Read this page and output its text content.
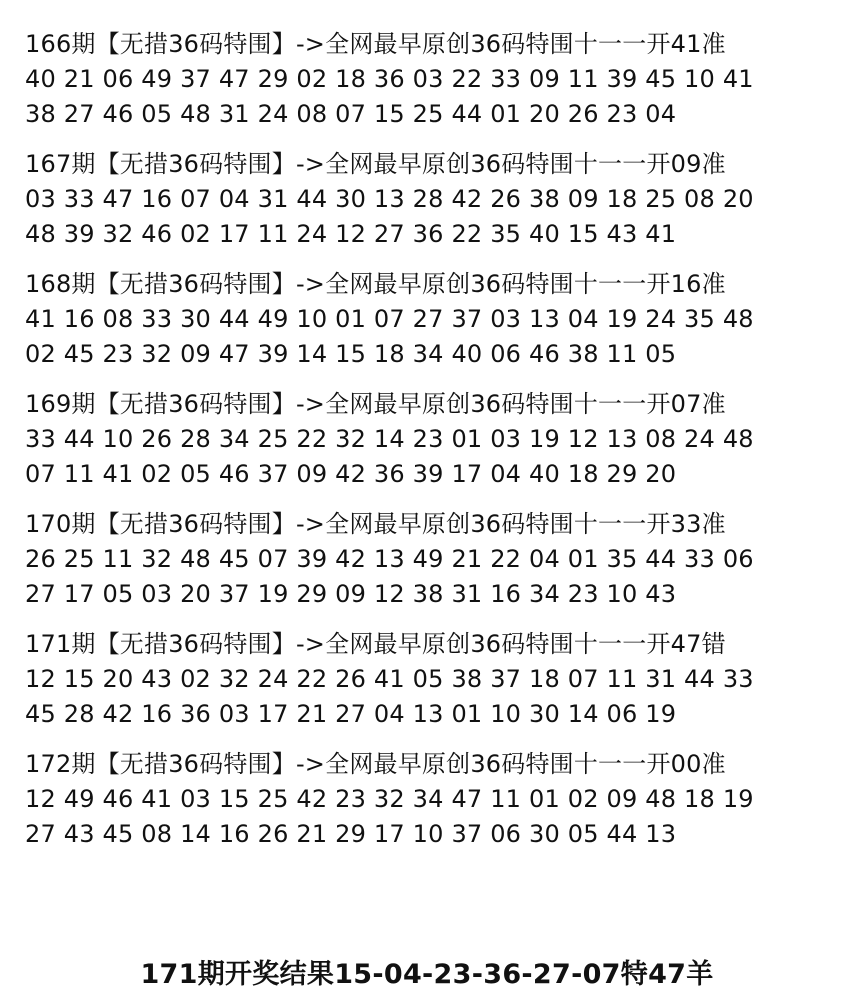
166期【无措36码特围】->全网最早原创36码特围十一一开41准
40 21 06 49 37 47 29 02 18 36 03 22 33 09 11 39 45 10 41
38 27 46 05 48 31 24 08 07 15 25 44 01 20 26 23 04
167期【无措36码特围】->全网最早原创36码特围十一一开09准
03 33 47 16 07 04 31 44 30 13 28 42 26 38 09 18 25 08 20
48 39 32 46 02 17 11 24 12 27 36 22 35 40 15 43 41
168期【无措36码特围】->全网最早原创36码特围十一一开16准
41 16 08 33 30 44 49 10 01 07 27 37 03 13 04 19 24 35 48
02 45 23 32 09 47 39 14 15 18 34 40 06 46 38 11 05
169期【无措36码特围】->全网最早原创36码特围十一一开07准
33 44 10 26 28 34 25 22 32 14 23 01 03 19 12 13 08 24 48
07 11 41 02 05 46 37 09 42 36 39 17 04 40 18 29 20
170期【无措36码特围】->全网最早原创36码特围十一一开33准
26 25 11 32 48 45 07 39 42 13 49 21 22 04 01 35 44 33 06
27 17 05 03 20 37 19 29 09 12 38 31 16 34 23 10 43
171期【无措36码特围】->全网最早原创36码特围十一一开47错
12 15 20 43 02 32 24 22 26 41 05 38 37 18 07 11 31 44 33
45 28 42 16 36 03 17 21 27 04 13 01 10 30 14 06 19
172期【无措36码特围】->全网最早原创36码特围十一一开00准
12 49 46 41 03 15 25 42 23 32 34 47 11 01 02 09 48 18 19
27 43 45 08 14 16 26 21 29 17 10 37 06 30 05 44 13
171期开奖结果15-04-23-36-27-07特47羊
